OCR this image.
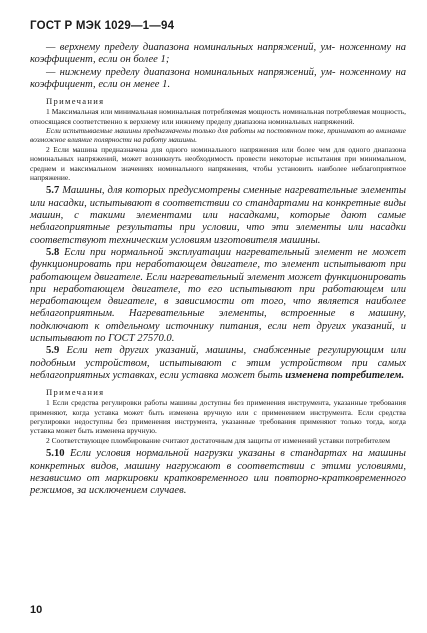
ГОСТ Р МЭК 1029—1—94

— верхнему пределу диапазона номинальных напряжений, ум- ноженному на коэффициент, если он более 1;

— нижнему пределу диапазона номинальных напряжений, ум- ноженному на коэффициент, если он менее 1.

Примечания

1 Максимальная или минимальная номинальная потребляемая мощность номинальная потребляемая мощность, относящаяся соответственно к верхнему или нижнему пределу диапазона номинальных напряжений.

Если испытываемые машины предназначены только для работы на постоянном токе, принимают во внимание возможное влияние полярности на работу машины.

2 Если машина предназначена для одного номинального напряжения или более чем для одного диапазона номинальных напряжений, может возникнуть необходимость провести некоторые испытания при минимальном, среднем и максимальном значениях номинального напряжения, чтобы установить наиболее неблагоприятное напряжение.

5.7 Машины, для которых предусмотрены сменные нагревательные элементы или насадки, испытывают в соответствии со стандартами на конкретные виды машин, с такими элементами или насадками, которые дают самые неблагоприятные результаты при условии, что эти элементы или насадки соответствуют техническим условиям изготовителя машины.

5.8 Если при нормальной эксплуатации нагревательный элемент не может функционировать при неработающем двигателе, то элемент испытывают при работающем двигателе. Если нагревательный элемент может функционировать при неработающем двигателе, то его испытывают при работающем или неработающем двигателе, в зависимости от того, что является наиболее неблагоприятным. Нагревательные элементы, встроенные в машину, подключают к отдельному источнику питания, если нет других указаний, и испытывают по ГОСТ 27570.0.

5.9 Если нет других указаний, машины, снабженные регулирующим или подобным устройством, испытывают с этим устройством при самых неблагоприятных уставках, если уставка может быть изменена потребителем.

Примечания

1 Если средства регулировки работы машины доступны без применения инструмента, указанные требования применяют, когда уставка может быть изменена вручную или с применением инструмента. Если средства регулировки недоступны без применения инструмента, указанные требования применяют только тогда, когда уставка может быть изменена вручную.

2 Соответствующее пломбирование считают достаточным для защиты от изменений уставки потребителем

5.10 Если условия нормальной нагрузки указаны в стандартах на машины конкретных видов, машину нагружают в соответствии с этими условиями, независимо от маркировки кратковременного или повторно-кратковременного режимов, за исключением случаев.

10
